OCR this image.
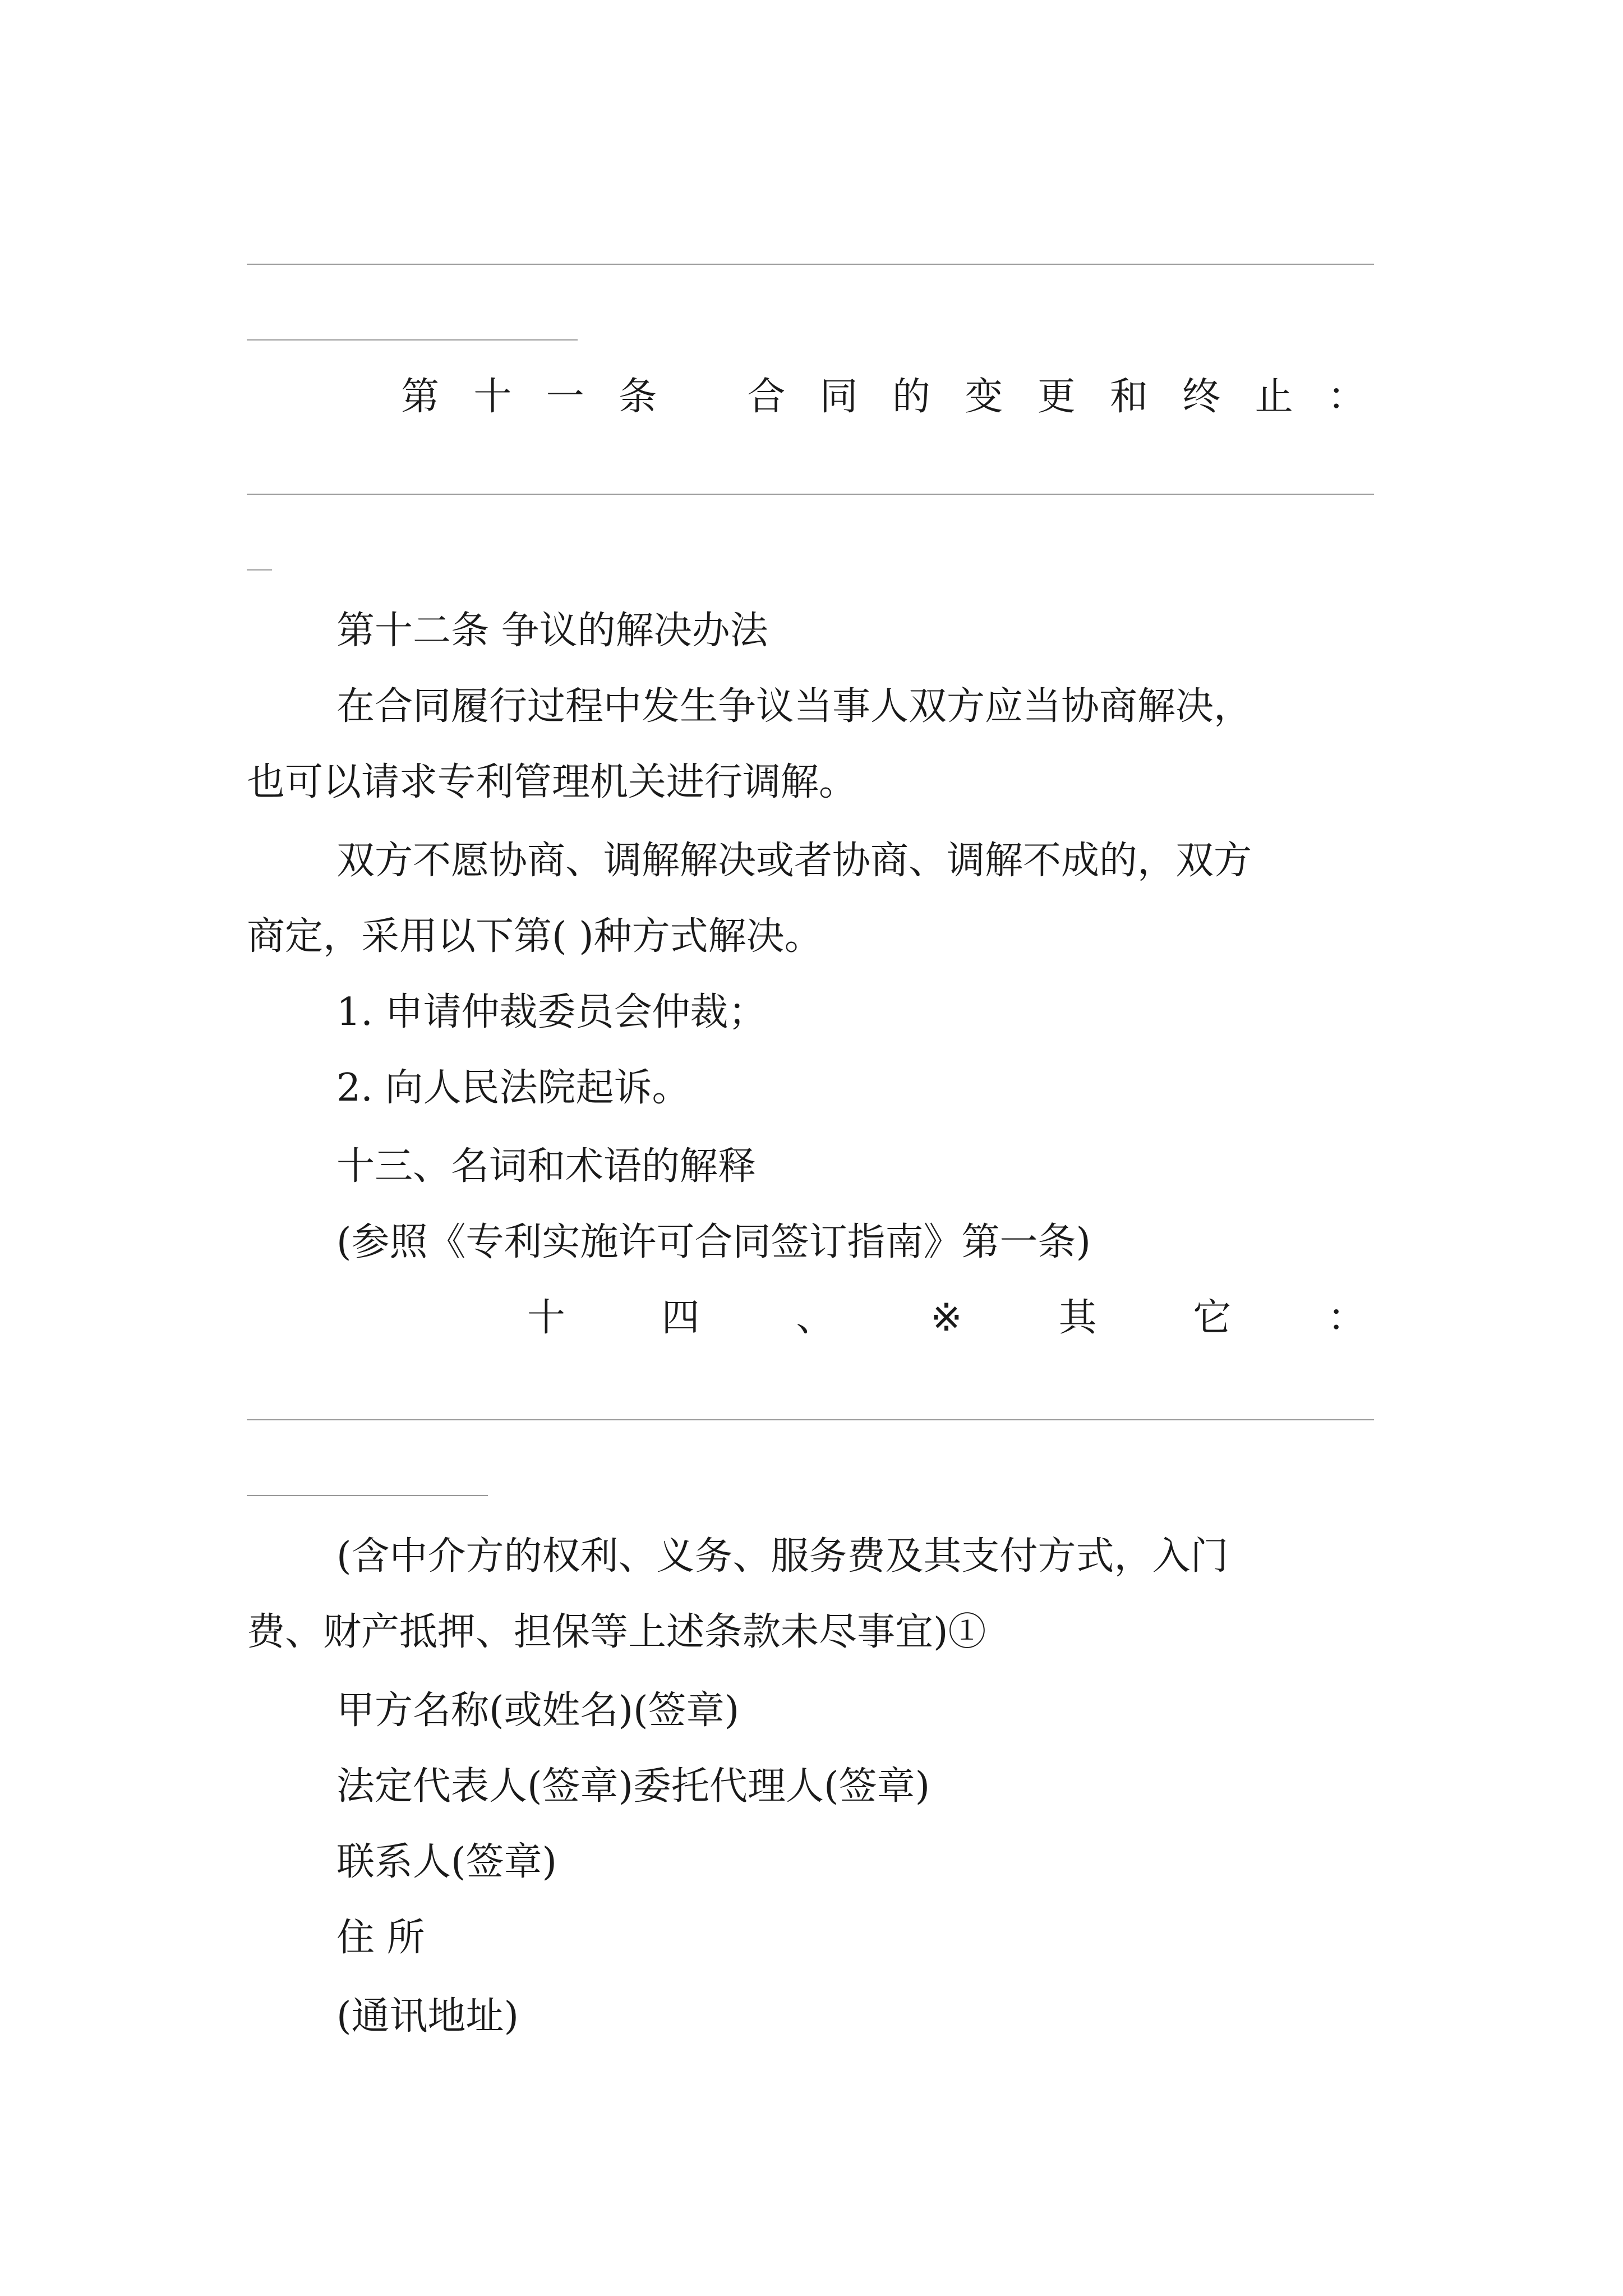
第 十 一 条 合 同 的 变 更 和 终 止 ：
第十二条 争议的解决办法
在合同履行过程中发生争议当事人双方应当协商解决，
也可以请求专利管理机关进行调解。
双方不愿协商、调解解决或者协商、调解不成的，双方
商定，采用以下第( )种方式解决。
1. 申请仲裁委员会仲裁；
2. 向人民法院起诉。
十三、名词和术语的解释
(参照《专利实施许可合同签订指南》第一条)
十	四	、	※	其	它	：
(含中介方的权利、义务、服务费及其支付方式，入门
费、财产抵押、担保等上述条款未尽事宜)①
甲方名称(或姓名)(签章)
法定代表人(签章)委托代理人(签章)
联系人(签章)
住 所
(通讯地址)
